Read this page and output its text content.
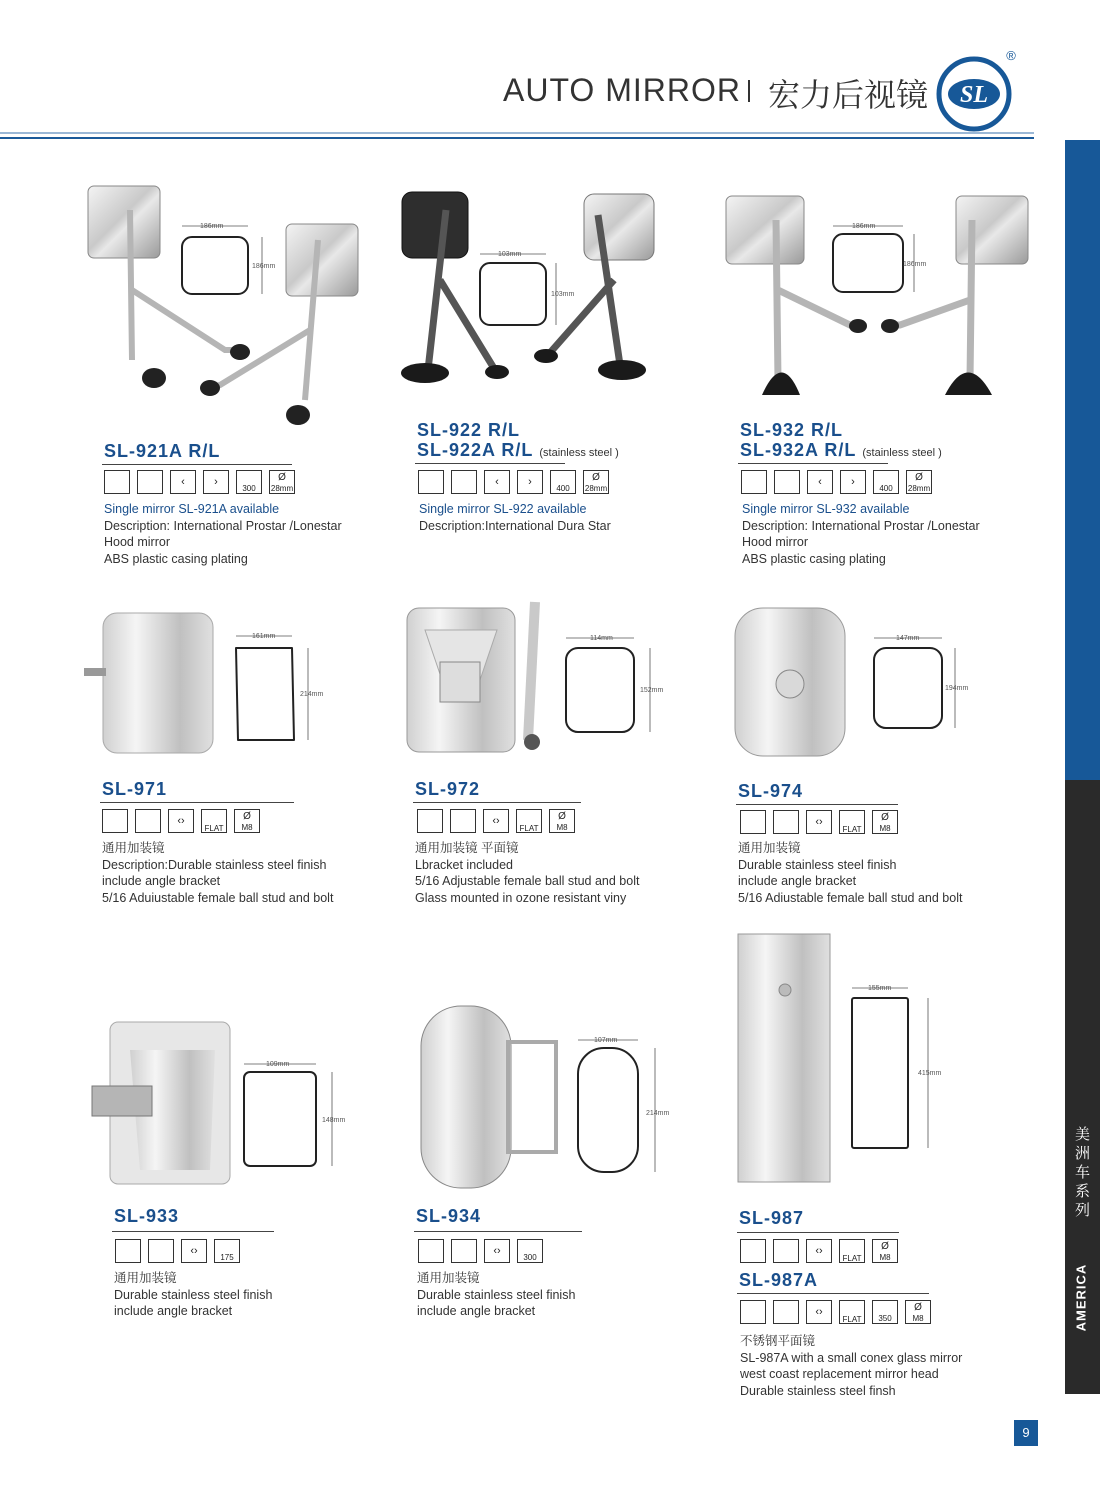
AUTO MIRROR 宏力后视镜 SL
®
美
洲
车
系
列
AMERICA
9
186mm
186mm
103mm
103mm
186mm
186mm
161mm
214mm
114mm
152mm
147mm
194mm
109mm
148mm
107mm
214mm
155mm
415mm
SL-921A R/L
‹	›
300
Ø
28mm
Single mirror SL-921A available
Description: International Prostar /Lonestar
Hood mirror
ABS plastic casing plating
SL-922 R/L
SL-922A R/L (stainless steel )
‹	›
400
Ø
28mm
Single mirror SL-922 available
Description:International Dura Star
SL-932 R/L
SL-932A R/L (stainless steel )
‹	›
400
Ø
28mm
Single mirror SL-932 available
Description: International Prostar /Lonestar
Hood mirror
ABS plastic casing plating
SL-971
‹›
FLAT
Ø
M8
通用加装镜
Description:Durable stainless steel finish
include angle bracket
5/16 Aduiustable female ball stud and bolt
SL-972
‹›
FLAT
Ø
M8
通用加装镜 平面镜
Lbracket included
5/16 Adjustable female ball stud and bolt
Glass mounted in ozone resistant viny
SL-974
‹›
FLAT
Ø
M8
通用加装镜
Durable stainless steel finish
include angle bracket
5/16 Adiustable female ball stud and bolt
SL-933
‹›
175
通用加装镜
Durable stainless steel finish
include angle bracket
SL-934
‹›
300
通用加装镜
Durable stainless steel finish
include angle bracket
SL-987
‹›
FLAT
Ø
M8
SL-987A
‹›
FLAT	350
Ø
M8
不锈钢平面镜
SL-987A with a small conex glass mirror
west coast replacement mirror head
Durable stainless steel finsh
